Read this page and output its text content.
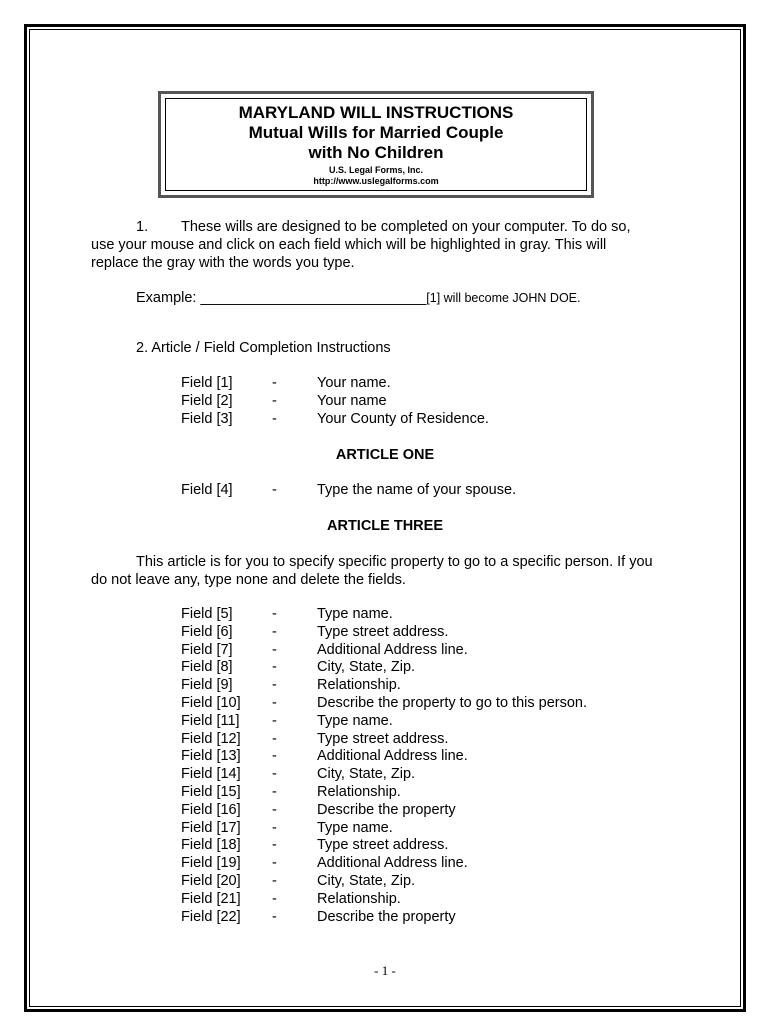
MARYLAND WILL INSTRUCTIONS
Mutual Wills for Married Couple
with No Children
U.S. Legal Forms, Inc.
http://www.uslegalforms.com
1. These wills are designed to be completed on your computer. To do so,
use your mouse and click on each field which will be highlighted in gray. This will
replace the gray with the words you type.
Example: ____________________________[1] will become JOHN DOE.
2. Article / Field Completion Instructions
Field [1]	-	Your name.
Field [2]	-	Your name
Field [3]	-	Your County of Residence.
ARTICLE ONE
Field [4]	-	Type the name of your spouse.
ARTICLE THREE
This article is for you to specify specific property to go to a specific person. If you
do not leave any, type none and delete the fields.
Field [5]	-	Type name.
Field [6]	-	Type street address.
Field [7]	-	Additional Address line.
Field [8]	-	City, State, Zip.
Field [9]	-	Relationship.
Field [10] -	Describe the property to go to this person.
Field [11] -	Type name.
Field [12] -	Type street address.
Field [13] -	Additional Address line.
Field [14] -	City, State, Zip.
Field [15] -	Relationship.
Field [16] -	Describe the property
Field [17] -	Type name.
Field [18] -	Type street address.
Field [19] -	Additional Address line.
Field [20] -	City, State, Zip.
Field [21] -	Relationship.
Field [22] -	Describe the property
- 1 -
